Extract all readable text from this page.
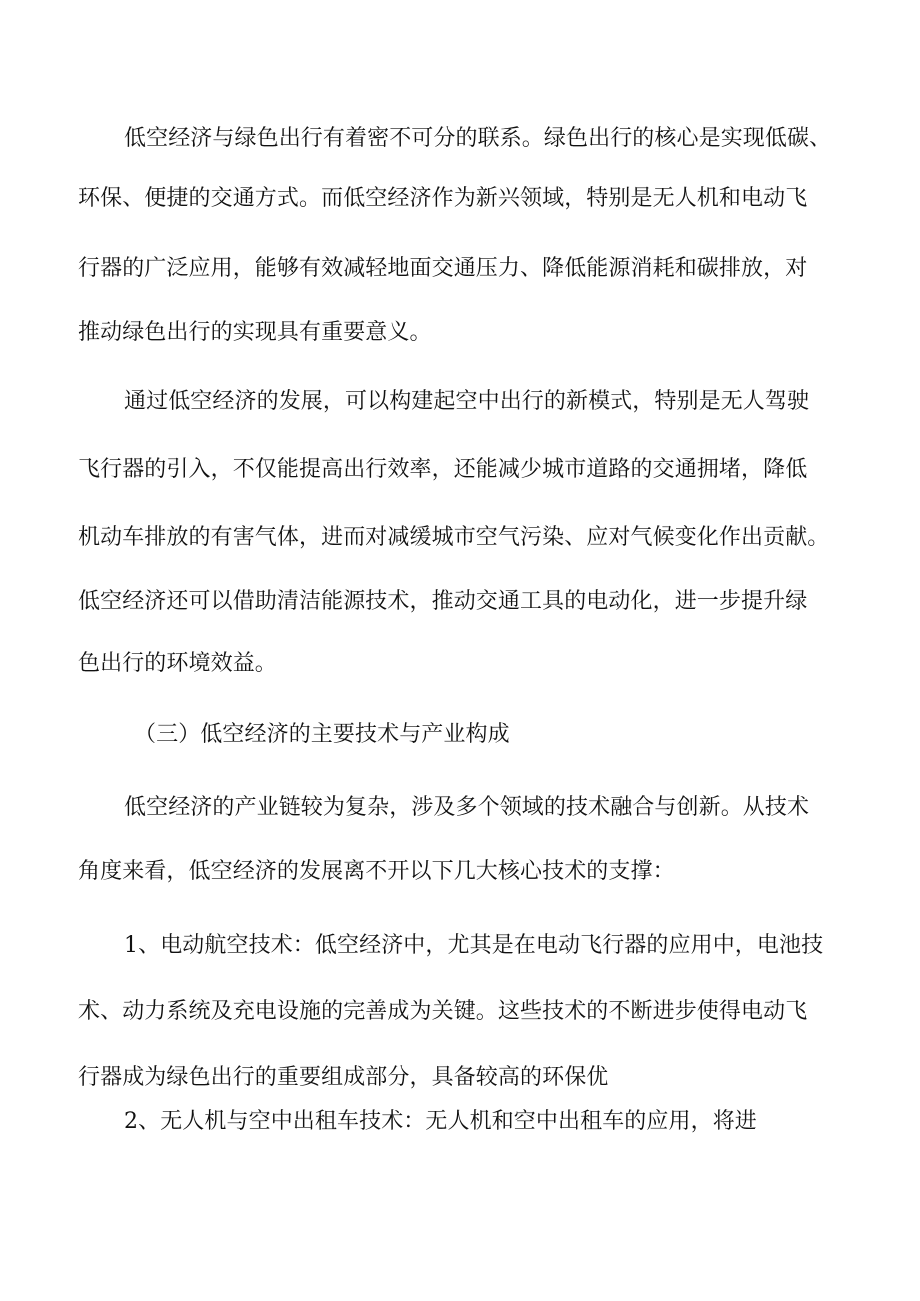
低空经济与绿色出行有着密不可分的联系。绿色出行的核心是实现低碳、
环保、便捷的交通方式。而低空经济作为新兴领域，特别是无人机和电动飞
行器的广泛应用，能够有效减轻地面交通压力、降低能源消耗和碳排放，对
推动绿色出行的实现具有重要意义。
通过低空经济的发展，可以构建起空中出行的新模式，特别是无人驾驶
飞行器的引入，不仅能提高出行效率，还能减少城市道路的交通拥堵，降低
机动车排放的有害气体，进而对减缓城市空气污染、应对气候变化作出贡献。
低空经济还可以借助清洁能源技术，推动交通工具的电动化，进一步提升绿
色出行的环境效益。
（三）低空经济的主要技术与产业构成
低空经济的产业链较为复杂，涉及多个领域的技术融合与创新。从技术
角度来看，低空经济的发展离不开以下几大核心技术的支撑：
1、电动航空技术：低空经济中，尤其是在电动飞行器的应用中，电池技
术、动力系统及充电设施的完善成为关键。这些技术的不断进步使得电动飞
行器成为绿色出行的重要组成部分，具备较高的环保优
2、无人机与空中出租车技术：无人机和空中出租车的应用，将进
